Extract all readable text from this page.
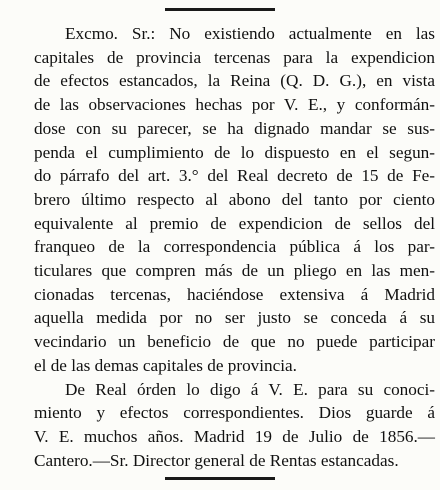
Excmo. Sr.: No existiendo actualmente en las
capitales de provincia tercenas para la expendicion
de efectos estancados, la Reina (Q. D. G.), en vista
de las observaciones hechas por V. E., y conformán-
dose con su parecer, se ha dignado mandar se sus-
penda el cumplimiento de lo dispuesto en el segun-
do párrafo del art. 3.° del Real decreto de 15 de Fe-
brero último respecto al abono del tanto por ciento
equivalente al premio de expendicion de sellos del
franqueo de la correspondencia pública á los par-
ticulares que compren más de un pliego en las men-
cionadas tercenas, haciéndose extensiva á Madrid
aquella medida por no ser justo se conceda á su
vecindario un beneficio de que no puede participar
el de las demas capitales de provincia.

De Real órden lo digo á V. E. para su conoci-
miento y efectos correspondientes. Dios guarde á
V. E. muchos años. Madrid 19 de Julio de 1856.—
Cantero.—Sr. Director general de Rentas estancadas.
